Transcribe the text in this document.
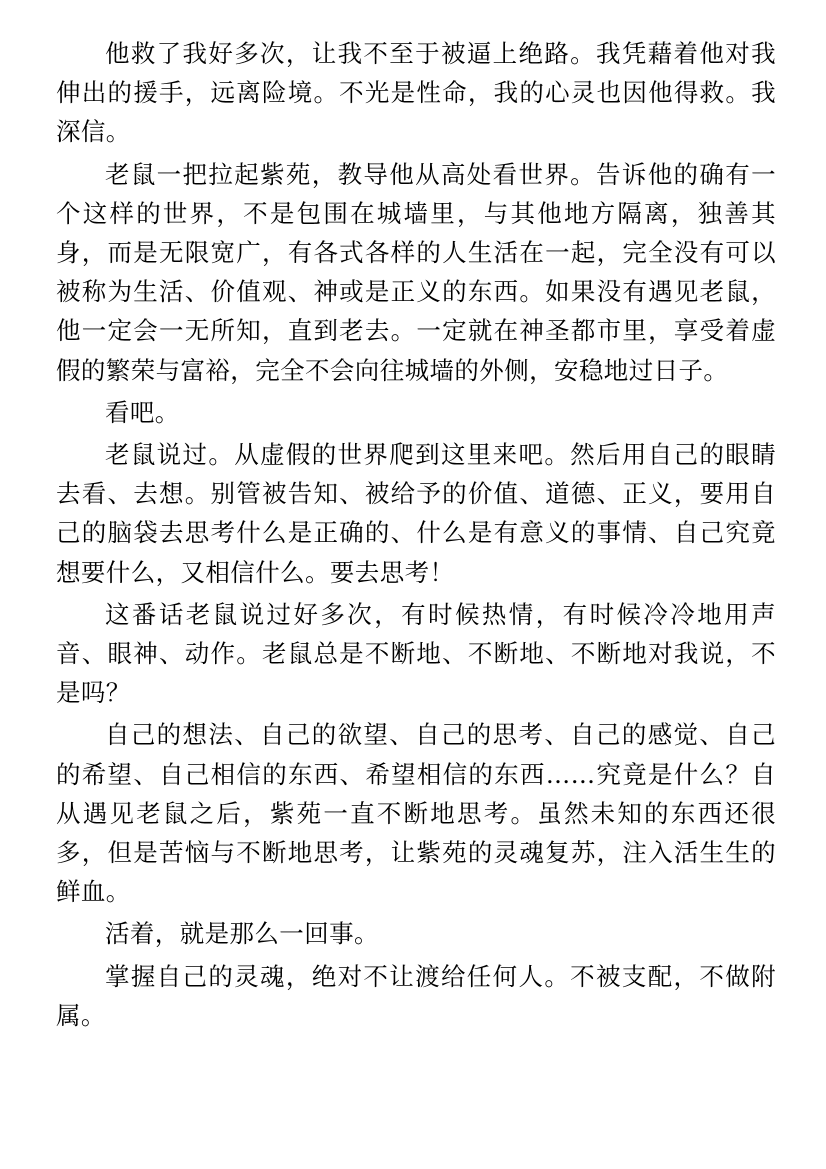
他救了我好多次，让我不至于被逼上绝路。我凭藉着他对我伸出的援手，远离险境。不光是性命，我的心灵也因他得救。我深信。

老鼠一把拉起紫苑，教导他从高处看世界。告诉他的确有一个这样的世界，不是包围在城墙里，与其他地方隔离，独善其身，而是无限宽广，有各式各样的人生活在一起，完全没有可以被称为生活、价值观、神或是正义的东西。如果没有遇见老鼠，他一定会一无所知，直到老去。一定就在神圣都市里，享受着虚假的繁荣与富裕，完全不会向往城墙的外侧，安稳地过日子。

看吧。

老鼠说过。从虚假的世界爬到这里来吧。然后用自己的眼睛去看、去想。别管被告知、被给予的价值、道德、正义，要用自己的脑袋去思考什么是正确的、什么是有意义的事情、自己究竟想要什么，又相信什么。要去思考！

这番话老鼠说过好多次，有时候热情，有时候冷冷地用声音、眼神、动作。老鼠总是不断地、不断地、不断地对我说，不是吗？

自己的想法、自己的欲望、自己的思考、自己的感觉、自己的希望、自己相信的东西、希望相信的东西……究竟是什么？自从遇见老鼠之后，紫苑一直不断地思考。虽然未知的东西还很多，但是苦恼与不断地思考，让紫苑的灵魂复苏，注入活生生的鲜血。

活着，就是那么一回事。

掌握自己的灵魂，绝对不让渡给任何人。不被支配，不做附属。
